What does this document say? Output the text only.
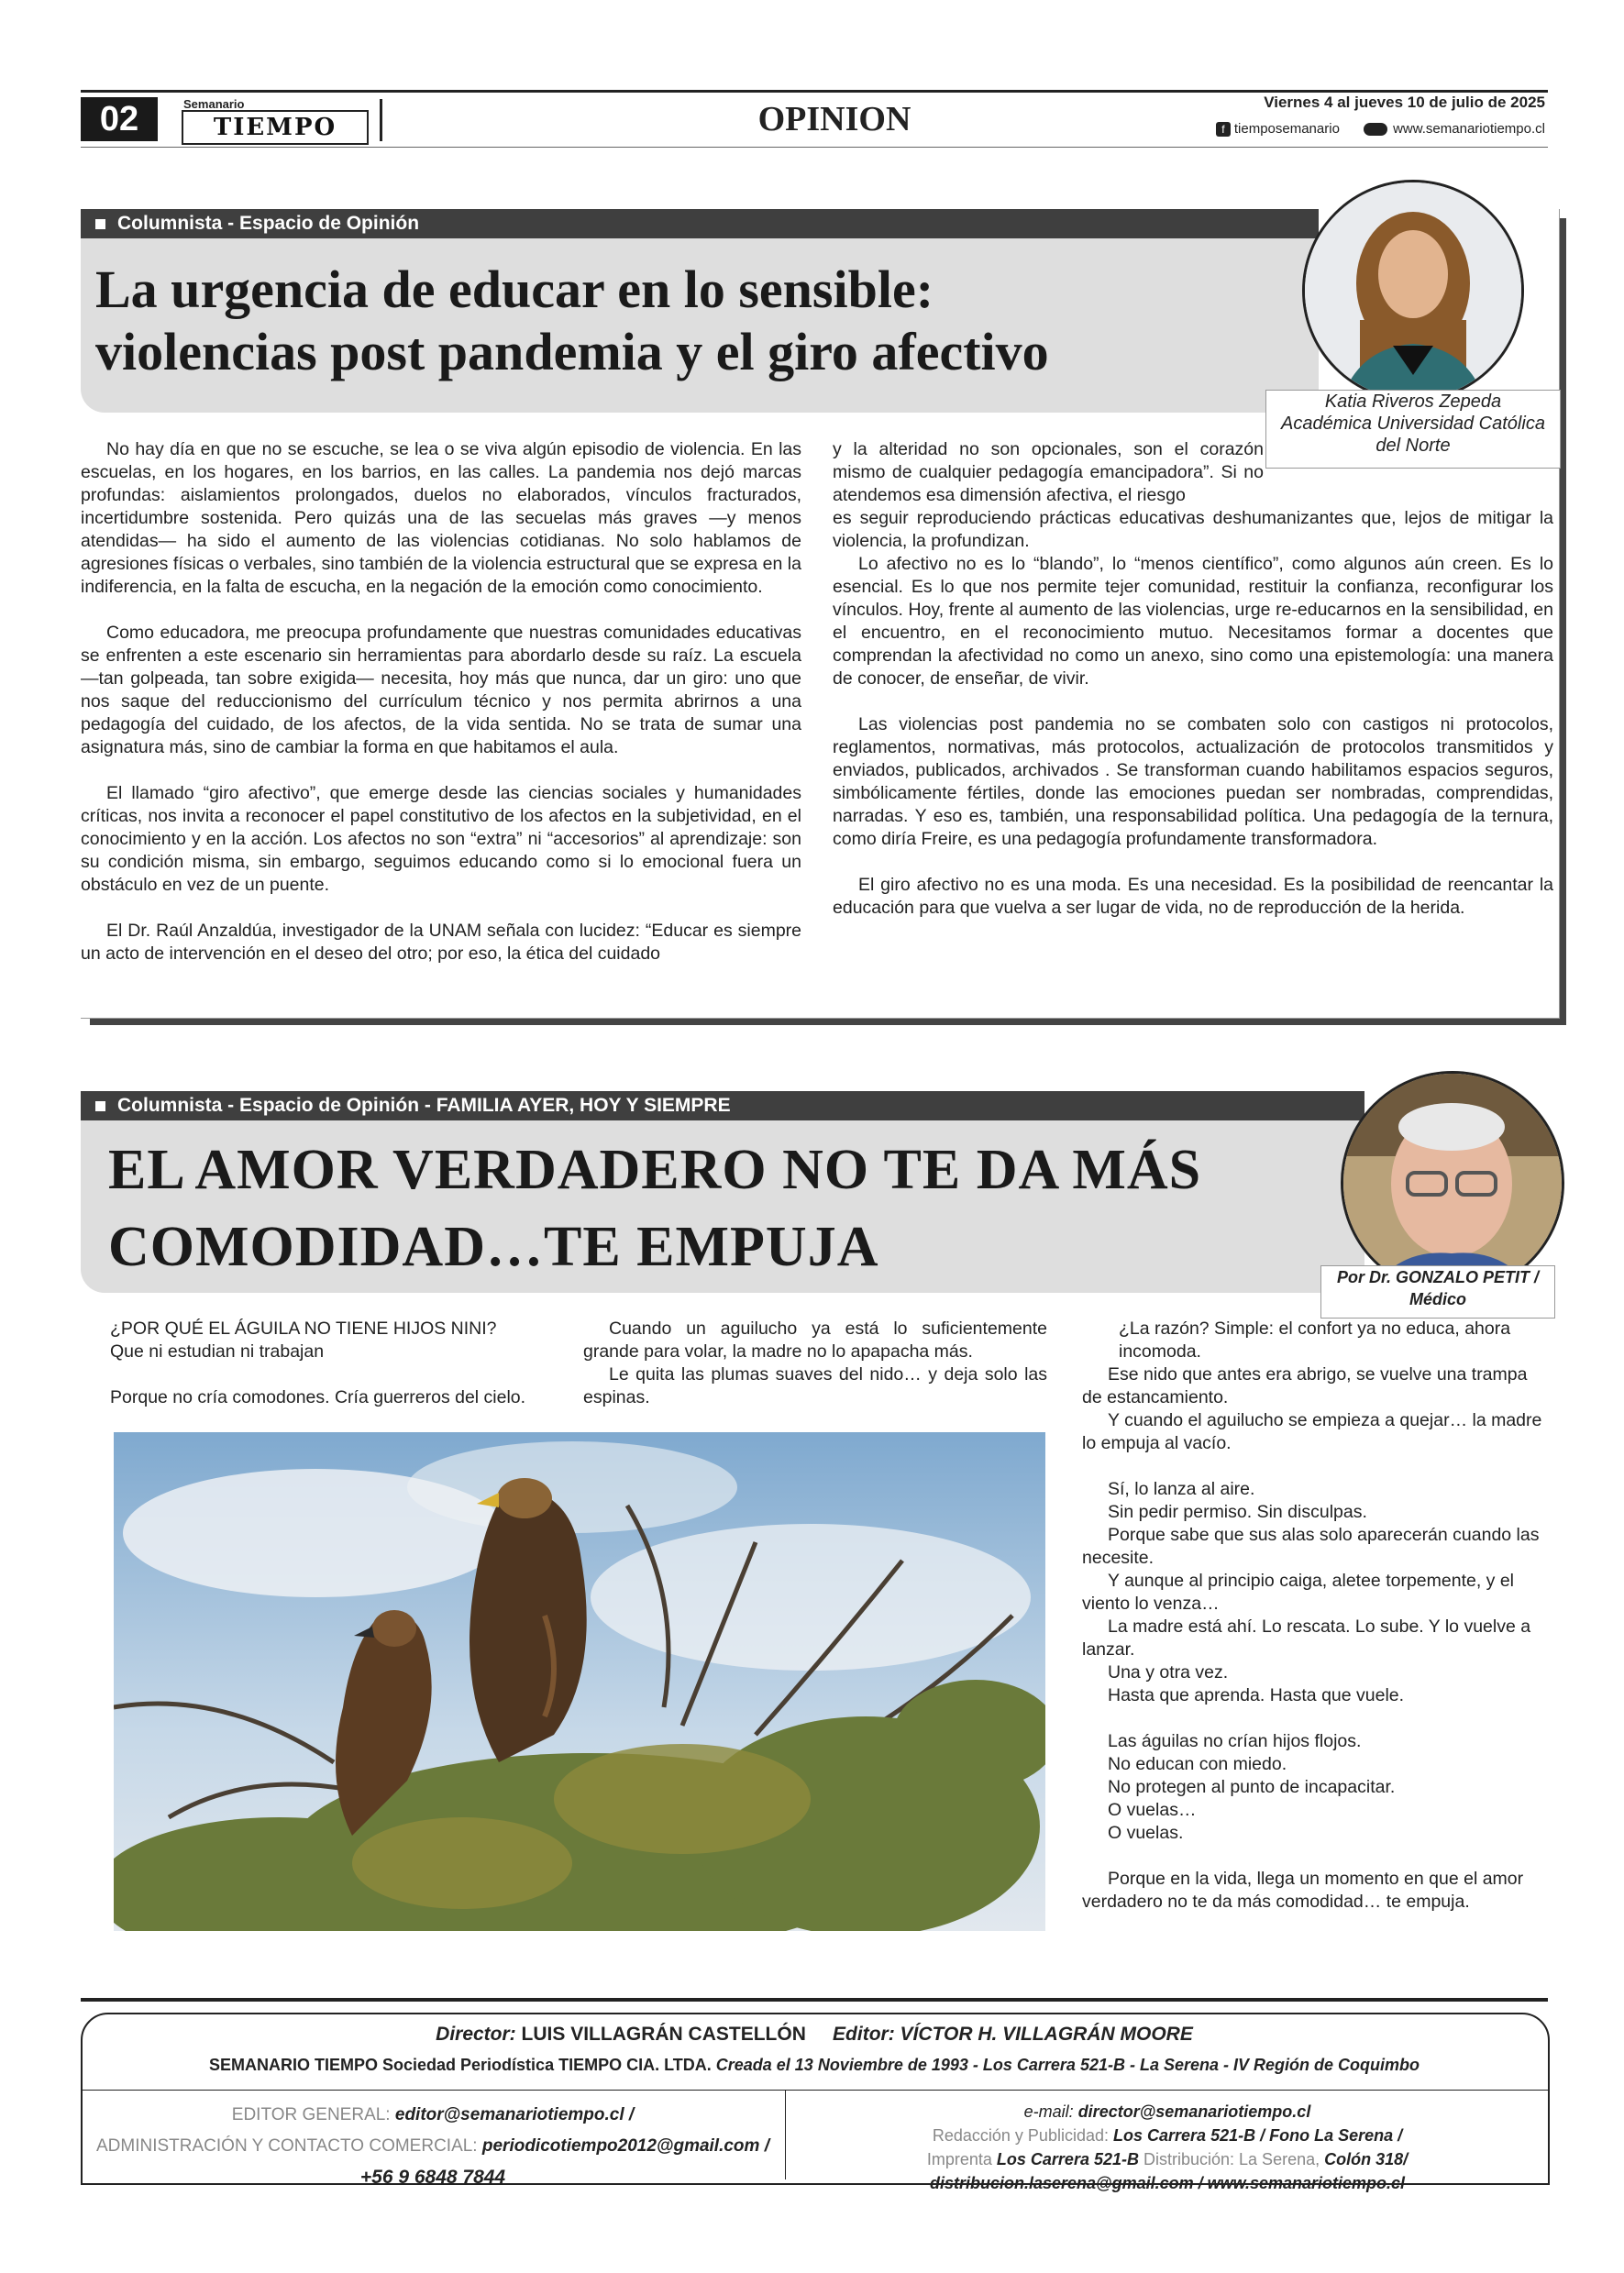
02	Semanario
TIEMPO	OPINION	Viernes 4 al jueves 10 de julio de 2025
f tiemposemanario	www.semanariotiempo.cl
Columnista - Espacio de Opinión
La urgencia de educar en lo sensible:
violencias post pandemia y el giro afectivo
Katia Riveros Zepeda
Académica Universidad Católica
del Norte

No hay día en que no se escuche, se lea o se viva algún episodio de violencia. En las escuelas, en los hogares, en los barrios, en las calles. La pandemia nos dejó marcas profundas: aislamientos prolongados, duelos no elaborados, vínculos fracturados, incertidumbre sostenida. Pero quizás una de las secuelas más graves —y menos atendidas— ha sido el aumento de las violencias cotidianas. No solo hablamos de agresiones físicas o verbales, sino también de la violencia estructural que se expresa en la indiferencia, en la falta de escucha, en la negación de la emoción como conocimiento.

Como educadora, me preocupa profundamente que nuestras comunidades educativas se enfrenten a este escenario sin herramientas para abordarlo desde su raíz. La escuela —tan golpeada, tan sobre exigida— necesita, hoy más que nunca, dar un giro: uno que nos saque del reduccionismo del currículum técnico y nos permita abrirnos a una pedagogía del cuidado, de los afectos, de la vida sentida. No se trata de sumar una asignatura más, sino de cambiar la forma en que habitamos el aula.

El llamado “giro afectivo”, que emerge desde las ciencias sociales y humanidades críticas, nos invita a reconocer el papel constitutivo de los afectos en la subjetividad, en el conocimiento y en la acción. Los afectos no son “extra” ni “accesorios” al aprendizaje: son su condición misma, sin embargo, seguimos educando como si lo emocional fuera un obstáculo en vez de un puente.

El Dr. Raúl Anzaldúa, investigador de la UNAM señala con lucidez: “Educar es siempre un acto de intervención en el deseo del otro; por eso, la ética del cuidado

y la alteridad no son opcionales, son el corazón mismo de cualquier pedagogía emancipadora”. Si no atendemos esa dimensión afectiva, el riesgo

es seguir reproduciendo prácticas educativas deshumanizantes que, lejos de mitigar la violencia, la profundizan.

Lo afectivo no es lo “blando”, lo “menos científico”, como algunos aún creen. Es lo esencial. Es lo que nos permite tejer comunidad, restituir la confianza, reconfigurar los vínculos. Hoy, frente al aumento de las violencias, urge re-educarnos en la sensibilidad, en el encuentro, en el reconocimiento mutuo. Necesitamos formar a docentes que comprendan la afectividad no como un anexo, sino como una epistemología: una manera de conocer, de enseñar, de vivir.

Las violencias post pandemia no se combaten solo con castigos ni protocolos, reglamentos, normativas, más protocolos, actualización de protocolos transmitidos y enviados, publicados, archivados . Se transforman cuando habilitamos espacios seguros, simbólicamente fértiles, donde las emociones puedan ser nombradas, comprendidas, narradas. Y eso es, también, una responsabilidad política. Una pedagogía de la ternura, como diría Freire, es una pedagogía profundamente transformadora.

El giro afectivo no es una moda. Es una necesidad. Es la posibilidad de reencantar la educación para que vuelva a ser lugar de vida, no de reproducción de la herida.

Columnista - Espacio de Opinión - FAMILIA AYER, HOY Y SIEMPRE
EL AMOR VERDADERO NO TE DA MÁS
COMODIDAD…TE EMPUJA	Por Dr. GONZALO PETIT /
Médico

¿POR QUÉ EL ÁGUILA NO TIENE HIJOS NINI?

Que ni estudian ni trabajan

Porque no cría comodones. Cría guerreros del cielo.

Cuando un aguilucho ya está lo suficientemente grande para volar, la madre no lo apapacha más.

Le quita las plumas suaves del nido… y deja solo las espinas.

¿La razón? Simple: el confort ya no educa, ahora incomoda.

Ese nido que antes era abrigo, se vuelve una trampa de estancamiento.

Y cuando el aguilucho se empieza a quejar… la madre lo empuja al vacío.

Sí, lo lanza al aire.

Sin pedir permiso. Sin disculpas.

Porque sabe que sus alas solo aparecerán cuando las necesite.

Y aunque al principio caiga, aletee torpemente, y el viento lo venza…

La madre está ahí. Lo rescata. Lo sube. Y lo vuelve a lanzar.

Una y otra vez.

Hasta que aprenda. Hasta que vuele.

Las águilas no crían hijos flojos.

No educan con miedo.

No protegen al punto de incapacitar.

O vuelas…

O vuelas.

Porque en la vida, llega un momento en que el amor verdadero no te da más comodidad… te empuja.

Director: LUIS VILLAGRÁN CASTELLÓN Editor: VÍCTOR H. VILLAGRÁN MOORE
SEMANARIO TIEMPO Sociedad Periodística TIEMPO CIA. LTDA. Creada el 13 Noviembre de 1993 - Los Carrera 521-B - La Serena - IV Región de Coquimbo
EDITOR GENERAL: editor@semanariotiempo.cl /
ADMINISTRACIÓN Y CONTACTO COMERCIAL: periodicotiempo2012@gmail.com /
+56 9 6848 7844
e-mail: director@semanariotiempo.cl
Redacción y Publicidad: Los Carrera 521-B / Fono La Serena /
Imprenta Los Carrera 521-B Distribución: La Serena, Colón 318/
distribucion.laserena@gmail.com / www.semanariotiempo.cl
